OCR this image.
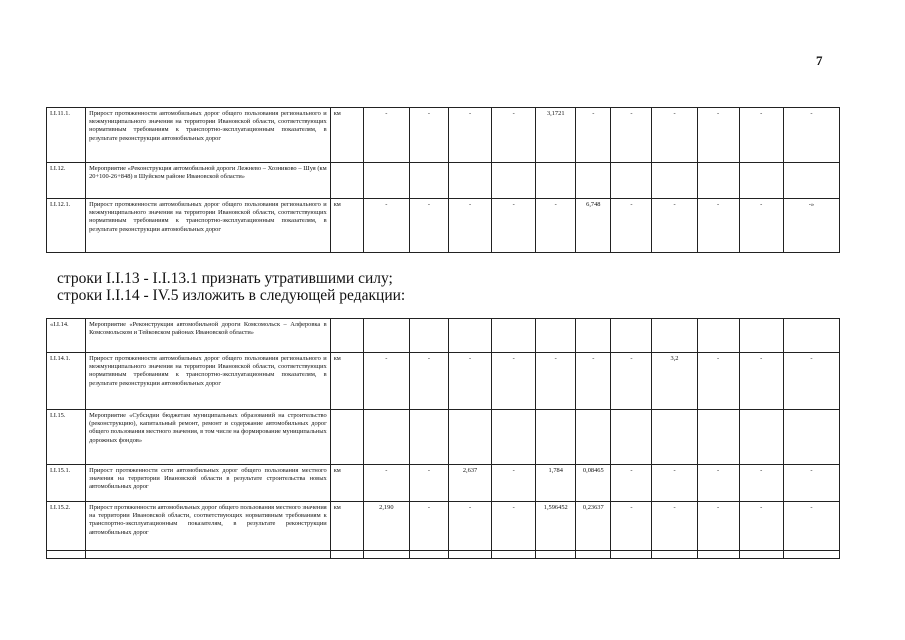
7
I.I.11.1.	Прирост протяженности автомобильных дорог общего пользования регионального и межмуниципального значения на территории Ивановской области, соответствующих нормативным требованиям к транспортно-эксплуатационным показателям, в результате реконструкции автомобильных дорог	км	-	-	-	-	3,1721	-	-	-	-	-	-
I.I.12.	Мероприятие «Реконструкция автомобильной дороги Лежнево – Хозниково – Шуя (км 20+100-26+848) в Шуйском районе Ивановской области»												
I.I.12.1.	Прирост протяженности автомобильных дорог общего пользования регионального и межмуниципального значения на территории Ивановской области, соответствующих нормативным требованиям к транспортно-эксплуатационным показателям, в результате реконструкции автомобильных дорог	км	-	-	-	-	-	6,748	-	-	-	-	-»
строки I.I.13 - I.I.13.1 признать утратившими силу;
строки I.I.14 - IV.5 изложить в следующей редакции:
«I.I.14.	Мероприятие «Реконструкция автомобильной дороги Комсомольск – Алферовка в Комсомольском и Тейковском районах Ивановской области»												
I.I.14.1.	Прирост протяженности автомобильных дорог общего пользования регионального и межмуниципального значения на территории Ивановской области, соответствующих нормативным требованиям к транспортно-эксплуатационным показателям, в результате реконструкции автомобильных дорог	км	-	-	-	-	-	-	-	3,2	-	-	-
I.I.15.	Мероприятие «Субсидии бюджетам муниципальных образований на строительство (реконструкцию), капитальный ремонт, ремонт и содержание автомобильных дорог общего пользования местного значения, в том числе на формирование муниципальных дорожных фондов»												
I.I.15.1.	Прирост протяженности сети автомобильных дорог общего пользования местного значения на территории Ивановской области в результате строительства новых автомобильных дорог	км	-	-	2,637	-	1,784	0,08465	-	-	-	-	-
I.I.15.2.	Прирост протяженности автомобильных дорог общего пользования местного значения на территории Ивановской области, соответствующих нормативным требованиям к транспортно-эксплуатационным показателям, в результате реконструкции автомобильных дорог	км	2,190	-	-	-	1,596452	0,23637	-	-	-	-	-
